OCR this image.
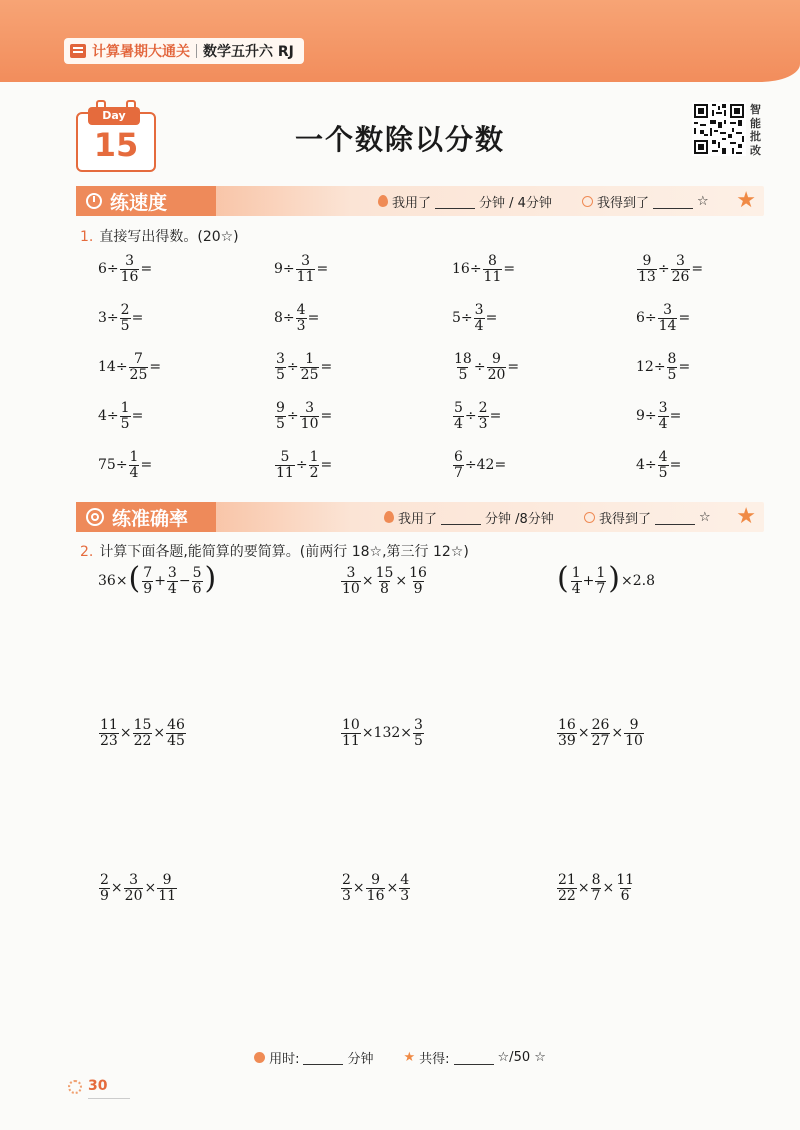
计算暑期大通关 数学五升六 RJ
Day
15	一个数除以分数
智能批改
练速度	我用了	分钟 / 4分钟	我得到了	☆ ★
1. 直接写出得数。(20☆)
$6\div \frac{3}{16}$ =	$9\div \frac{3}{11}$ =	$16\div \frac{8}{11}$ =	$\frac{9}{13} \div \frac{3}{26}$ =
$3\div \frac{2}{5}$ =	$8\div \frac{4}{3}$ =	$5\div \frac{3}{4}$ =	$6\div \frac{3}{14}$ =
$14\div \frac{7}{25}$ =	$\frac{3}{5} \div \frac{1}{25}$ =	$\frac{18}{5} \div \frac{9}{20}$ =	$12\div \frac{8}{5}$ =
$4\div \frac{1}{5}$ =	$\frac{9}{5} \div \frac{3}{10}$ =	$\frac{5}{4} \div \frac{2}{3}$ =	$9\div \frac{3}{4}$ =
$75\div \frac{1}{4}$ =	$\frac{5}{11} \div \frac{1}{2}$ =	$\frac{6}{7} \div 42=$	$4\div \frac{4}{5}$ =
练准确率	我用了	分钟 /8分钟	我得到了	☆ ★
2. 计算下面各题,能简算的要简算。(前两行 18☆,第三行 12☆)
36× ( $\frac{7}{9} + \frac{3}{4} - \frac{5}{6}$ )	$\frac{3}{10} \times \frac{15}{8} \times \frac{16}{9}$	( $\frac{1}{4} + \frac{1}{7}$ ) ×2.8
$\frac{11}{23} \times \frac{15}{22} \times \frac{46}{45}$	$\frac{10}{11} \times 132\times \frac{3}{5}$	$\frac{16}{39} \times \frac{26}{27} \times \frac{9}{10}$
$\frac{2}{9} \times \frac{3}{20} \times \frac{9}{11}$	$\frac{2}{3} \times \frac{9}{16} \times \frac{4}{3}$	$\frac{21}{22} \times \frac{8}{7} \times \frac{11}{6}$
用时:	分钟 ★ 共得:	☆/50 ☆
30
